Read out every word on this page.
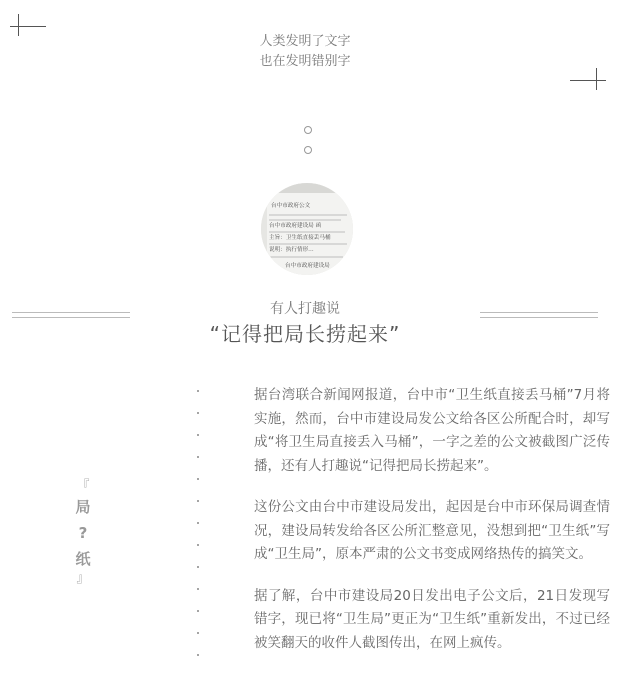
人类发明了文字
也在发明错别字
台中市政府公文
台中市政府建设局 函
主旨：卫生纸直接丢马桶
说明：执行情形…
台中市政府建设局
有人打趣说
“记得把局长捞起来”
『
局
?
纸
』

据台湾联合新闻网报道，台中市“卫生纸直接丢马桶”7月将实施，然而，台中市建设局发公文给各区公所配合时，却写成“将卫生局直接丢入马桶”，一字之差的公文被截图广泛传播，还有人打趣说“记得把局长捞起来”。

这份公文由台中市建设局发出，起因是台中市环保局调查情况，建设局转发给各区公所汇整意见，没想到把“卫生纸”写成“卫生局”，原本严肃的公文书变成网络热传的搞笑文。

据了解，台中市建设局20日发出电子公文后，21日发现写错字，现已将“卫生局”更正为“卫生纸”重新发出，不过已经被笑翻天的收件人截图传出，在网上疯传。
